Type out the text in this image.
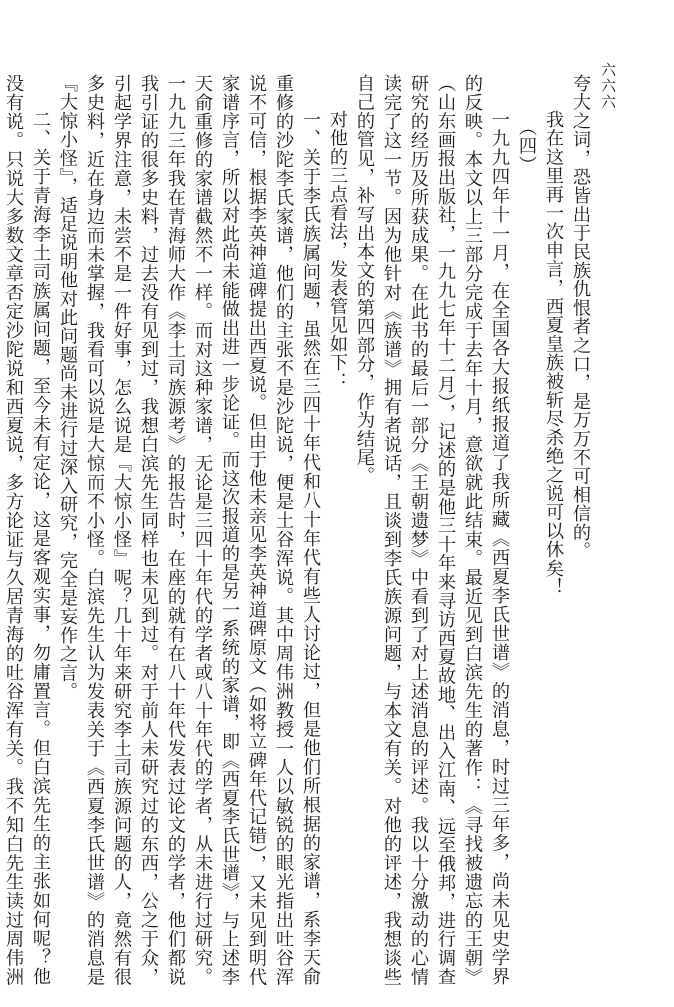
六六六

夸大之词，恐皆出于民族仇恨者之口，是万万不可相信的。

我在这里再一次申言，西夏皇族被斩尽杀绝之说可以休矣！

（四）

一九九四年十一月，在全国各大报纸报道了我所藏《西夏李氏世谱》的消息，时过三年多，尚未见史学界的反映。本文以上三部分完成于去年十月，意欲就此结束。最近见到白滨先生的著作：《寻找被遗忘的王朝》（山东画报出版社，一九九七年十二月），记述的是他三十年来寻访西夏故地、出入江南、远至俄邦，进行调查研究的经历及所获成果。在此书的最后一部分《王朝遗梦》中看到了对上述消息的评述。我以十分激动的心情读完了这一节。因为他针对《族谱》拥有者说话，且谈到李氏族源问题，与本文有关。对他的评述，我想谈些自己的管见，补写出本文的第四部分，作为结尾。

对他的三点看法，发表管见如下：

一、关于李氏族属问题，虽然在三四十年代和八十年代有些人讨论过，但是他们所根据的家谱，系李天俞重修的沙陀李氏家谱，他们的主张不是沙陀说，便是土谷浑说。其中周伟洲教授一人以敏锐的眼光指出吐谷浑说不可信，根据李英神道碑提出西夏说。但由于他未亲见李英神道碑原文（如将立碑年代记错），又未见到明代家谱序言，所以对此尚未能做出进一步论证。而这次报道的是另一系统的家谱，即《西夏李氏世谱》，与上述李天俞重修的家谱截然不一样。而对这种家谱，无论是三四十年代的学者或八十年代的学者，从未进行过研究。一九九三年我在青海师大作《李土司族源考》的报告时，在座的就有在八十年代发表过论文的学者，他们都说我引证的很多史料，过去没有见到过，我想白滨先生同样也未见到过。对于前人未研究过的东西，公之于众，引起学界注意，未尝不是一件好事，怎么说是『大惊小怪』呢？几十年来研究李土司族源问题的人，竟然有很多史料，近在身边而未掌握，我看可以说是大惊而不小怪。白滨先生认为发表关于《西夏李氏世谱》的消息是『大惊小怪』，适足说明他对此问题尚未进行过深入研究，完全是妄作之言。

二、关于青海李土司族属问题，至今未有定论，这是客观实事，勿庸置言。但白滨先生的主张如何呢？他没有说。只说大多数文章否定沙陀说和西夏说，多方论证与久居青海的吐谷浑有关。我不知白先生读过周伟洲
